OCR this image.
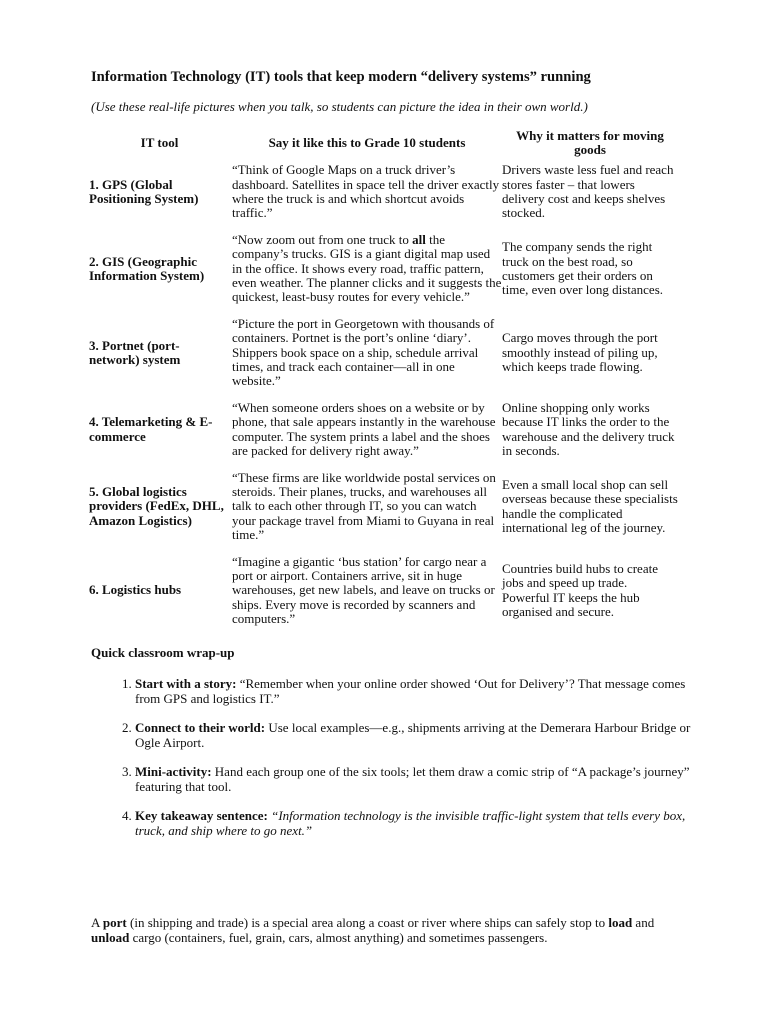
Information Technology (IT) tools that keep modern “delivery systems” running

(Use these real-life pictures when you talk, so students can picture the idea in their own world.)

IT tool	Say it like this to Grade 10 students	Why it matters for moving goods
1. GPS (Global Positioning System)	“Think of Google Maps on a truck driver’s dashboard. Satellites in space tell the driver exactly where the truck is and which shortcut avoids traffic.”	Drivers waste less fuel and reach stores faster – that lowers delivery cost and keeps shelves stocked.
2. GIS (Geographic Information System)	“Now zoom out from one truck to all the company’s trucks. GIS is a giant digital map used in the office. It shows every road, traffic pattern, even weather. The planner clicks and it suggests the quickest, least-busy routes for every vehicle.”	The company sends the right truck on the best road, so customers get their orders on time, even over long distances.
3. Portnet (port-network) system	“Picture the port in Georgetown with thousands of containers. Portnet is the port’s online ‘diary’. Shippers book space on a ship, schedule arrival times, and track each container—all in one website.”	Cargo moves through the port smoothly instead of piling up, which keeps trade flowing.
4. Telemarketing & E-commerce	“When someone orders shoes on a website or by phone, that sale appears instantly in the warehouse computer. The system prints a label and the shoes are packed for delivery right away.”	Online shopping only works because IT links the order to the warehouse and the delivery truck in seconds.
5. Global logistics providers (FedEx, DHL, Amazon Logistics)	“These firms are like worldwide postal services on steroids. Their planes, trucks, and warehouses all talk to each other through IT, so you can watch your package travel from Miami to Guyana in real time.”	Even a small local shop can sell overseas because these specialists handle the complicated international leg of the journey.
6. Logistics hubs	“Imagine a gigantic ‘bus station’ for cargo near a port or airport. Containers arrive, sit in huge warehouses, get new labels, and leave on trucks or ships. Every move is recorded by scanners and computers.”	Countries build hubs to create jobs and speed up trade. Powerful IT keeps the hub organised and secure.
Quick classroom wrap-up
1. Start with a story: “Remember when your online order showed ‘Out for Delivery’? That message comes from GPS and logistics IT.”
2. Connect to their world: Use local examples—e.g., shipments arriving at the Demerara Harbour Bridge or Ogle Airport.
3. Mini-activity: Hand each group one of the six tools; let them draw a comic strip of “A package’s journey” featuring that tool.
4. Key takeaway sentence: “Information technology is the invisible traffic-light system that tells every box, truck, and ship where to go next.”

A port (in shipping and trade) is a special area along a coast or river where ships can safely stop to load and unload cargo (containers, fuel, grain, cars, almost anything) and sometimes passengers.
